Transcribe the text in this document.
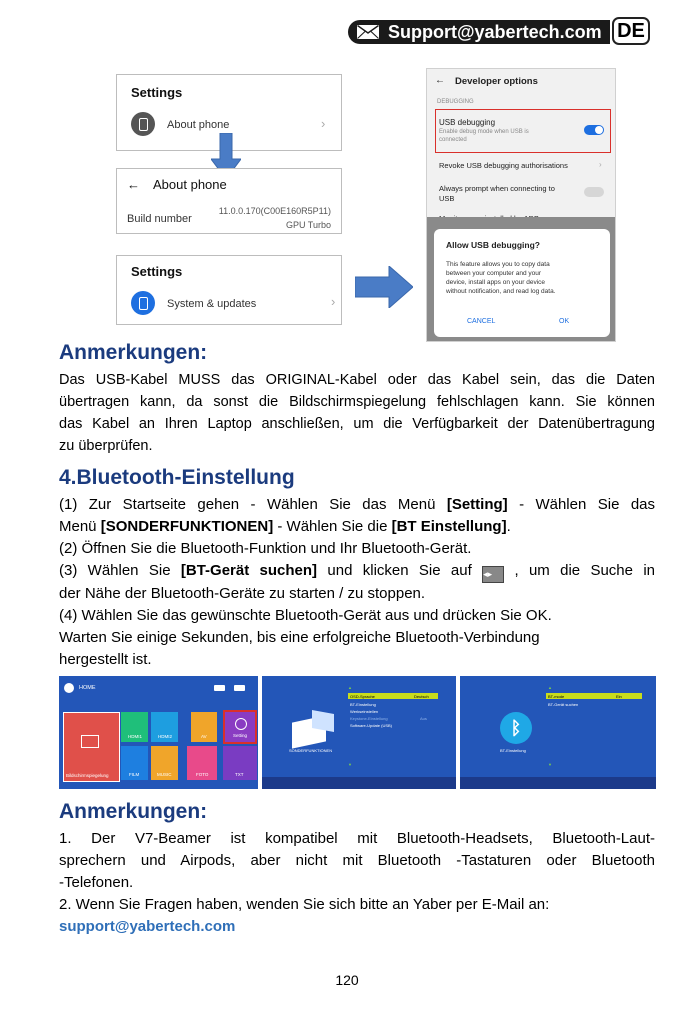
Support@yabertech.com DE
Settings
About phone	›
← About phone
Build number
11.0.0.170(C00E160R5P11)
GPU Turbo
Settings
System & updates	›
← Developer options
DEBUGGING
USB debugging
Enable debug mode when USB is
connected
Revoke USB debugging authorisations	›
Always prompt when connecting to
USB
Allow USB debugging?
This feature allows you to copy data
between your computer and your
device, install apps on your device
without notification, and read log data.
CANCEL	OK
Anmerkungen:
Das USB-Kabel MUSS das ORIGINAL-Kabel oder das Kabel sein, das die Daten
übertragen kann, da sonst die Bildschirmspiegelung fehlschlagen kann. Sie können
das Kabel an Ihren Laptop anschließen, um die Verfügbarkeit der Datenübertragung
zu überprüfen.
4.Bluetooth-Einstellung
(1) Zur Startseite gehen - Wählen Sie das Menü [Setting] - Wählen Sie das
Menü [SONDERFUNKTIONEN] - Wählen Sie die [BT Einstellung].
(2) Öffnen Sie die Bluetooth-Funktion und Ihr Bluetooth-Gerät.
(3) Wählen Sie [BT-Gerät suchen] und klicken Sie auf ◂▸ , um die Suche in
der Nähe der Bluetooth-Geräte zu starten / zu stoppen.
(4) Wählen Sie das gewünschte Bluetooth-Gerät aus und drücken Sie OK.
Warten Sie einige Sekunden, bis eine erfolgreiche Bluetooth-Verbindung
hergestellt ist.
HOME
Bildschirmspiegelung
HDMI1	HDMI2	AV	Setting
FILM	MUSIC	FOTO	TXT
SONDERFUNKTIONEN
▲
OSD-Sprache	Deutsch
BT-Einstellung
Werkseinstellen
Keystone-Einstellung	Aus
Software-Update (USB)
▼
ᛒ
BT-Einstellung
▲
BT-mode	Ein
BT-Gerät suchen
▼
Anmerkungen:
1. Der V7-Beamer ist kompatibel mit Bluetooth-Headsets, Bluetooth-Laut-
sprechern und Airpods, aber nicht mit Bluetooth -Tastaturen oder Bluetooth
-Telefonen.
2. Wenn Sie Fragen haben, wenden Sie sich bitte an Yaber per E-Mail an:
support@yabertech.com
120
